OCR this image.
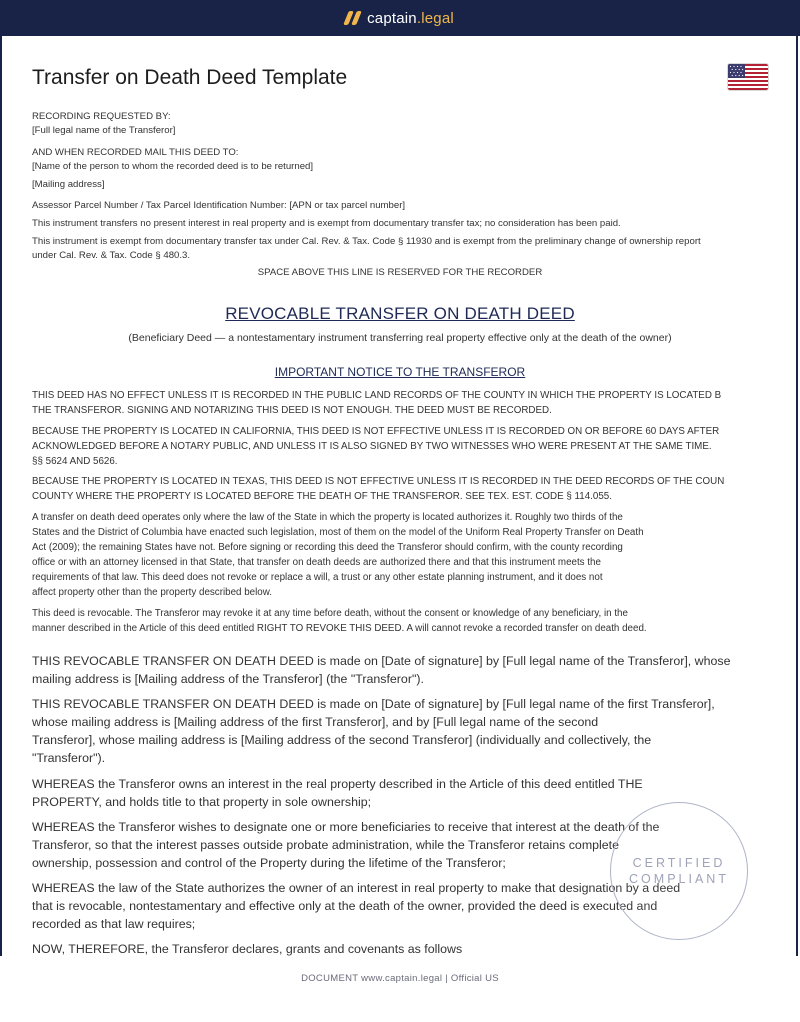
captain.legal
Transfer on Death Deed Template
RECORDING REQUESTED BY:
[Full legal name of the Transferor]
AND WHEN RECORDED MAIL THIS DEED TO:
[Name of the person to whom the recorded deed is to be returned]
[Mailing address]
Assessor Parcel Number / Tax Parcel Identification Number: [APN or tax parcel number]
This instrument transfers no present interest in real property and is exempt from documentary transfer tax; no consideration has been paid.
This instrument is exempt from documentary transfer tax under Cal. Rev. & Tax. Code § 11930 and is exempt from the preliminary change of ownership report
under Cal. Rev. & Tax. Code § 480.3.
SPACE ABOVE THIS LINE IS RESERVED FOR THE RECORDER
REVOCABLE TRANSFER ON DEATH DEED
(Beneficiary Deed — a nontestamentary instrument transferring real property effective only at the death of the owner)
IMPORTANT NOTICE TO THE TRANSFEROR
THIS DEED HAS NO EFFECT UNLESS IT IS RECORDED IN THE PUBLIC LAND RECORDS OF THE COUNTY IN WHICH THE PROPERTY IS LOCATED B
THE TRANSFEROR. SIGNING AND NOTARIZING THIS DEED IS NOT ENOUGH. THE DEED MUST BE RECORDED.
BECAUSE THE PROPERTY IS LOCATED IN CALIFORNIA, THIS DEED IS NOT EFFECTIVE UNLESS IT IS RECORDED ON OR BEFORE 60 DAYS AFTER
ACKNOWLEDGED BEFORE A NOTARY PUBLIC, AND UNLESS IT IS ALSO SIGNED BY TWO WITNESSES WHO WERE PRESENT AT THE SAME TIME.
§§ 5624 AND 5626.
BECAUSE THE PROPERTY IS LOCATED IN TEXAS, THIS DEED IS NOT EFFECTIVE UNLESS IT IS RECORDED IN THE DEED RECORDS OF THE COUN
COUNTY WHERE THE PROPERTY IS LOCATED BEFORE THE DEATH OF THE TRANSFEROR. SEE TEX. EST. CODE § 114.055.
A transfer on death deed operates only where the law of the State in which the property is located authorizes it. Roughly two thirds of the
States and the District of Columbia have enacted such legislation, most of them on the model of the Uniform Real Property Transfer on Death
Act (2009); the remaining States have not. Before signing or recording this deed the Transferor should confirm, with the county recording
office or with an attorney licensed in that State, that transfer on death deeds are authorized there and that this instrument meets the
requirements of that law. This deed does not revoke or replace a will, a trust or any other estate planning instrument, and it does not
affect property other than the property described below.
This deed is revocable. The Transferor may revoke it at any time before death, without the consent or knowledge of any beneficiary, in the
manner described in the Article of this deed entitled RIGHT TO REVOKE THIS DEED. A will cannot revoke a recorded transfer on death deed.
THIS REVOCABLE TRANSFER ON DEATH DEED is made on [Date of signature] by [Full legal name of the Transferor], whose
mailing address is [Mailing address of the Transferor] (the "Transferor").
THIS REVOCABLE TRANSFER ON DEATH DEED is made on [Date of signature] by [Full legal name of the first Transferor],
whose mailing address is [Mailing address of the first Transferor], and by [Full legal name of the second
Transferor], whose mailing address is [Mailing address of the second Transferor] (individually and collectively, the
"Transferor").
WHEREAS the Transferor owns an interest in the real property described in the Article of this deed entitled THE
PROPERTY, and holds title to that property in sole ownership;
WHEREAS the Transferor wishes to designate one or more beneficiaries to receive that interest at the death of the
Transferor, so that the interest passes outside probate administration, while the Transferor retains complete
ownership, possession and control of the Property during the lifetime of the Transferor;
WHEREAS the law of the State authorizes the owner of an interest in real property to make that designation by a deed
that is revocable, nontestamentary and effective only at the death of the owner, provided the deed is executed and
recorded as that law requires;
NOW, THEREFORE, the Transferor declares, grants and covenants as follows
CERTIFIED
COMPLIANT
DOCUMENT www.captain.legal | Official US
